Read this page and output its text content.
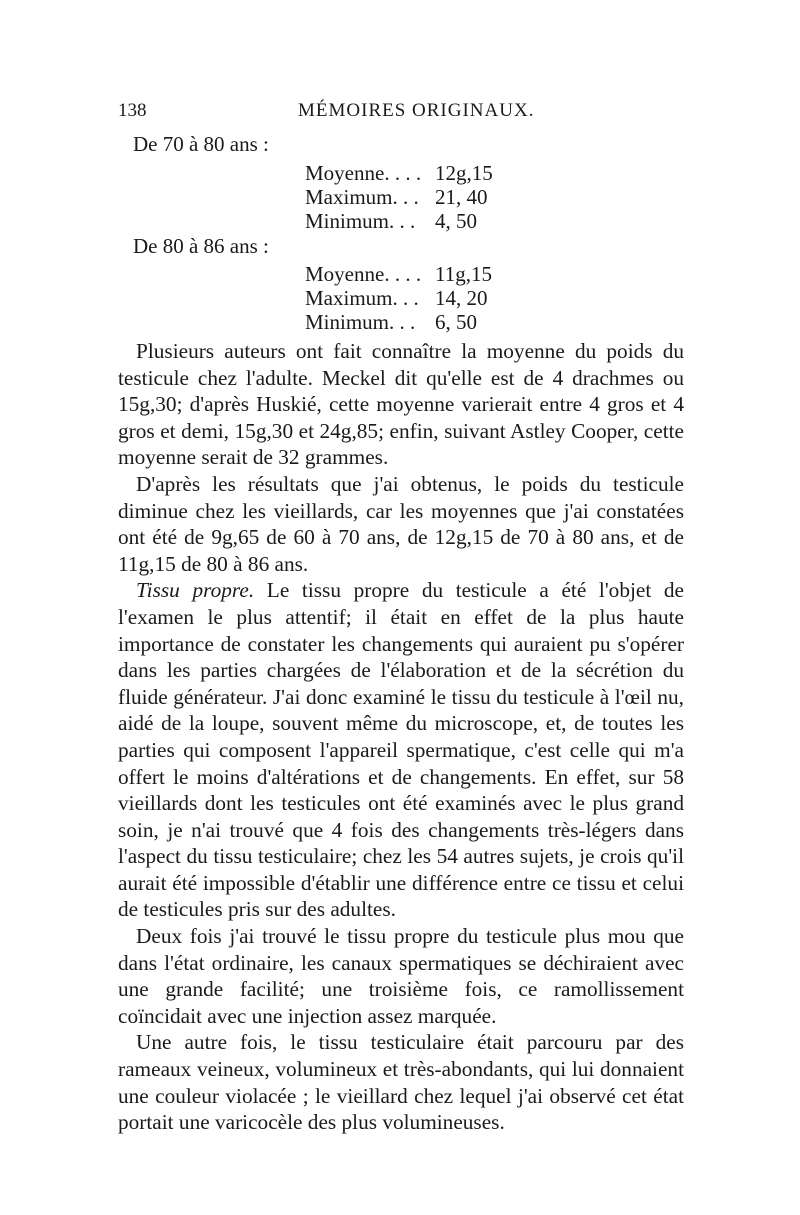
138	MÉMOIRES ORIGINAUX.
De 70 à 80 ans :
Moyenne. . . . 12g,15
Maximum. . . 21, 40
Minimum. . . 4, 50
De 80 à 86 ans :
Moyenne. . . . 11g,15
Maximum. . . 14, 20
Minimum. . . 6, 50

Plusieurs auteurs ont fait connaître la moyenne du poids du testicule chez l'adulte. Meckel dit qu'elle est de 4 drachmes ou 15g,30; d'après Huskié, cette moyenne varierait entre 4 gros et 4 gros et demi, 15g,30 et 24g,85; enfin, suivant Astley Cooper, cette moyenne serait de 32 grammes.

D'après les résultats que j'ai obtenus, le poids du testicule diminue chez les vieillards, car les moyennes que j'ai constatées ont été de 9g,65 de 60 à 70 ans, de 12g,15 de 70 à 80 ans, et de 11g,15 de 80 à 86 ans.

Tissu propre. Le tissu propre du testicule a été l'objet de l'examen le plus attentif; il était en effet de la plus haute importance de constater les changements qui auraient pu s'opérer dans les parties chargées de l'élaboration et de la sécrétion du fluide générateur. J'ai donc examiné le tissu du testicule à l'œil nu, aidé de la loupe, souvent même du microscope, et, de toutes les parties qui composent l'appareil spermatique, c'est celle qui m'a offert le moins d'altérations et de changements. En effet, sur 58 vieillards dont les testicules ont été examinés avec le plus grand soin, je n'ai trouvé que 4 fois des changements très-légers dans l'aspect du tissu testiculaire; chez les 54 autres sujets, je crois qu'il aurait été impossible d'établir une différence entre ce tissu et celui de testicules pris sur des adultes.

Deux fois j'ai trouvé le tissu propre du testicule plus mou que dans l'état ordinaire, les canaux spermatiques se déchiraient avec une grande facilité; une troisième fois, ce ramollissement coïncidait avec une injection assez marquée.

Une autre fois, le tissu testiculaire était parcouru par des rameaux veineux, volumineux et très-abondants, qui lui donnaient une couleur violacée ; le vieillard chez lequel j'ai observé cet état portait une varicocèle des plus volumineuses.
